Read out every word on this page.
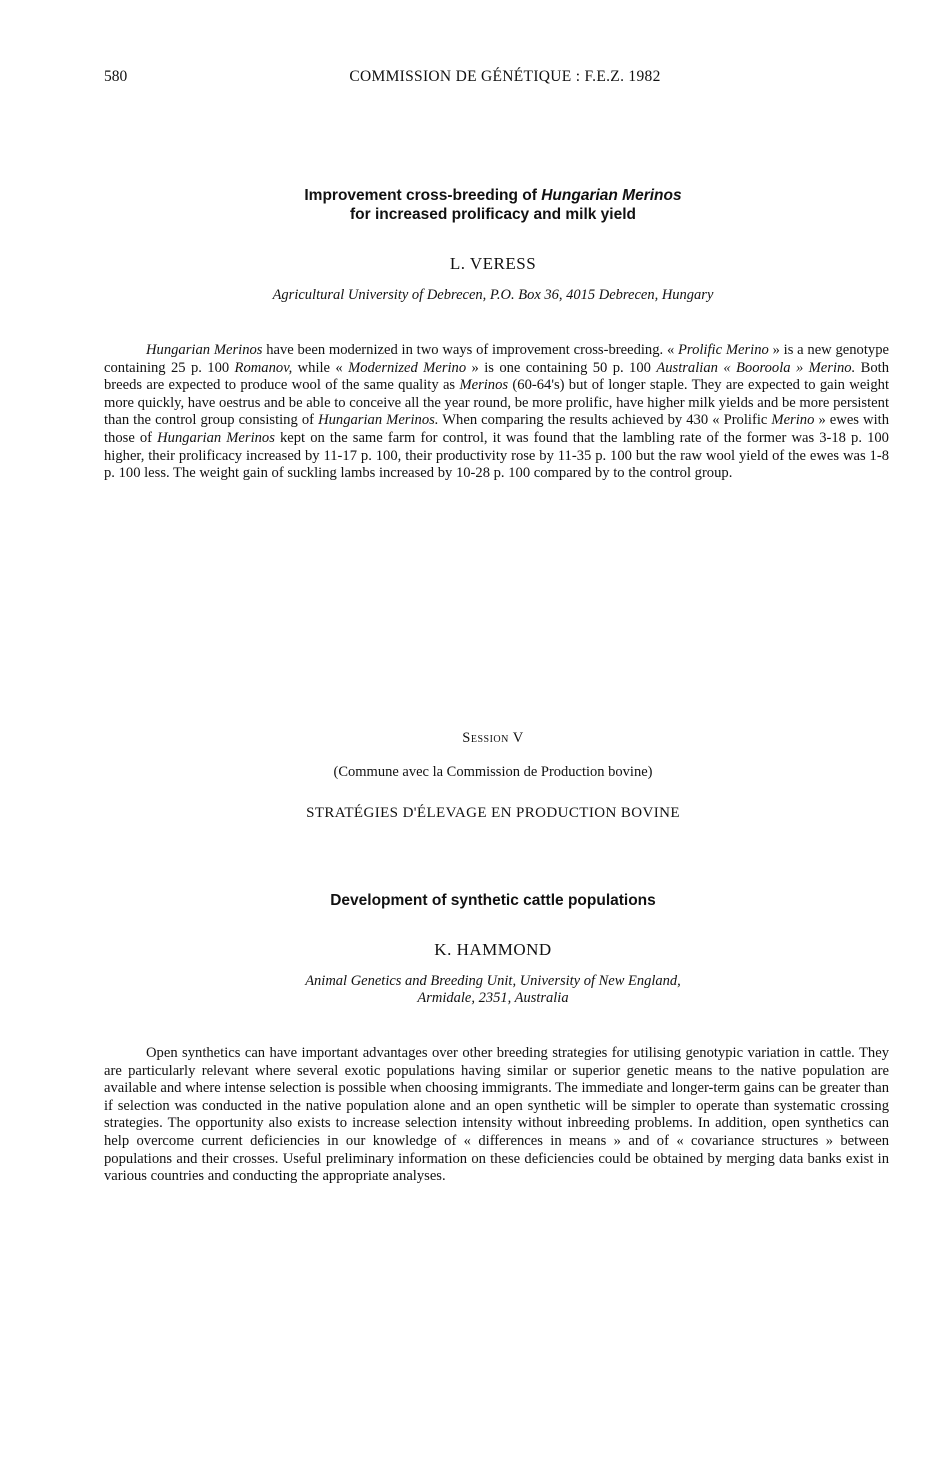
580	COMMISSION DE GÉNÉTIQUE : F.E.Z. 1982
Improvement cross-breeding of Hungarian Merinos
for increased prolificacy and milk yield
L. VERESS
Agricultural University of Debrecen, P.O. Box 36, 4015 Debrecen, Hungary

Hungarian Merinos have been modernized in two ways of improvement cross-breeding. « Prolific Merino » is a new genotype containing 25 p. 100 Romanov, while « Modernized Merino » is one containing 50 p. 100 Australian « Booroola » Merino. Both breeds are expected to produce wool of the same quality as Merinos (60-64's) but of longer staple. They are expected to gain weight more quickly, have oestrus and be able to conceive all the year round, be more prolific, have higher milk yields and be more persistent than the control group consisting of Hungarian Merinos. When comparing the results achieved by 430 « Prolific Merino » ewes with those of Hungarian Merinos kept on the same farm for control, it was found that the lambling rate of the former was 3-18 p. 100 higher, their prolificacy increased by 11-17 p. 100, their productivity rose by 11-35 p. 100 but the raw wool yield of the ewes was 1-8 p. 100 less. The weight gain of suckling lambs increased by 10-28 p. 100 compared by to the control group.

Session V
(Commune avec la Commission de Production bovine)
STRATÉGIES D'ÉLEVAGE EN PRODUCTION BOVINE
Development of synthetic cattle populations
K. HAMMOND
Animal Genetics and Breeding Unit, University of New England,
Armidale, 2351, Australia

Open synthetics can have important advantages over other breeding strategies for utilising genotypic variation in cattle. They are particularly relevant where several exotic populations having similar or superior genetic means to the native population are available and where intense selection is possible when choosing immigrants. The immediate and longer-term gains can be greater than if selection was conducted in the native population alone and an open synthetic will be simpler to operate than systematic crossing strategies. The opportunity also exists to increase selection intensity without inbreeding problems. In addition, open synthetics can help overcome current deficiencies in our knowledge of « differences in means » and of « covariance structures » between populations and their crosses. Useful preliminary information on these deficiencies could be obtained by merging data banks exist in various countries and conducting the appropriate analyses.
